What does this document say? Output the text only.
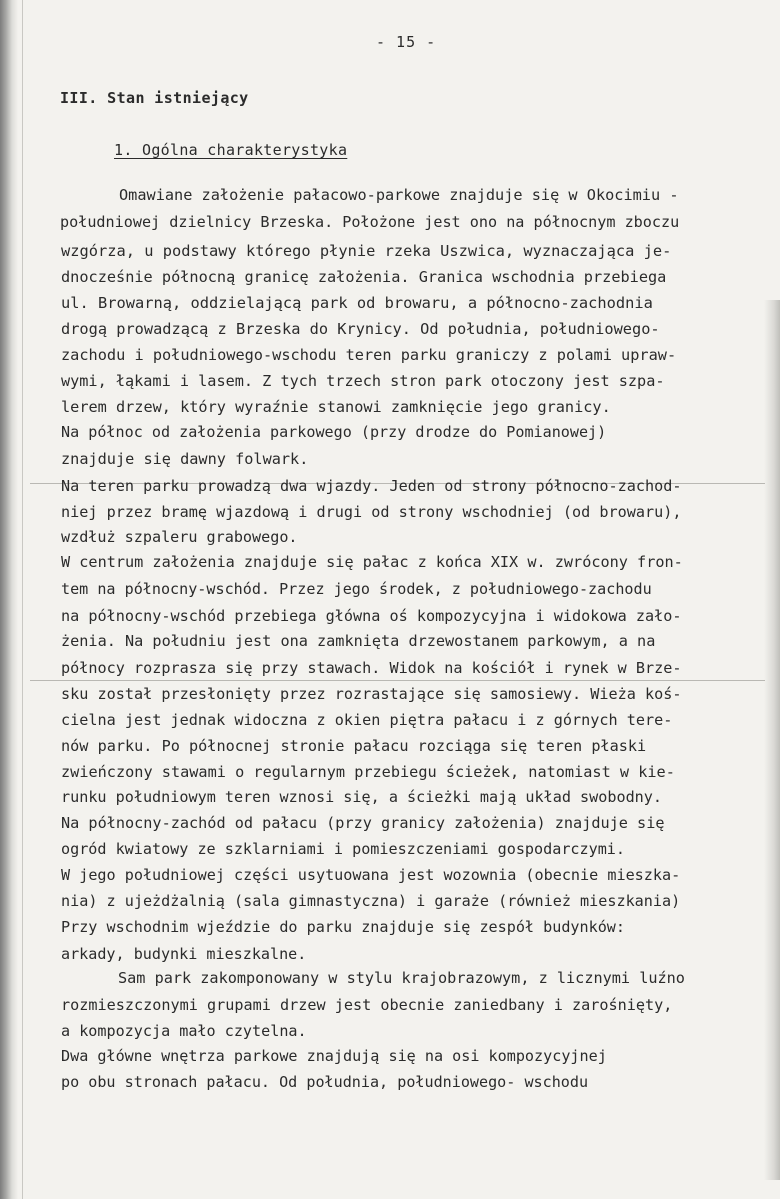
- 15 -
III. Stan istniejący
1. Ogólna charakterystyka
Omawiane założenie pałacowo-parkowe znajduje się w Okocimiu -
południowej dzielnicy Brzeska. Położone jest ono na północnym zboczu
wzgórza, u podstawy którego płynie rzeka Uszwica, wyznaczająca je-
dnocześnie północną granicę założenia. Granica wschodnia przebiega
ul. Browarną, oddzielającą park od browaru, a północno-zachodnia
drogą prowadzącą z Brzeska do Krynicy. Od południa, południowego-
zachodu i południowego-wschodu teren parku graniczy z polami upraw-
wymi, łąkami i lasem. Z tych trzech stron park otoczony jest szpa-
lerem drzew, który wyraźnie stanowi zamknięcie jego granicy.
Na północ od założenia parkowego (przy drodze do Pomianowej)
znajduje się dawny folwark.
Na teren parku prowadzą dwa wjazdy. Jeden od strony północno-zachod-
niej przez bramę wjazdową i drugi od strony wschodniej (od browaru),
wzdłuż szpaleru grabowego.
W centrum założenia znajduje się pałac z końca XIX w. zwrócony fron-
tem na północny-wschód. Przez jego środek, z południowego-zachodu
na północny-wschód przebiega główna oś kompozycyjna i widokowa zało-
żenia. Na południu jest ona zamknięta drzewostanem parkowym, a na
północy rozprasza się przy stawach. Widok na kościół i rynek w Brze-
sku został przesłonięty przez rozrastające się samosiewy. Wieża koś-
cielna jest jednak widoczna z okien piętra pałacu i z górnych tere-
nów parku. Po północnej stronie pałacu rozciąga się teren płaski
zwieńczony stawami o regularnym przebiegu ścieżek, natomiast w kie-
runku południowym teren wznosi się, a ścieżki mają układ swobodny.
Na północny-zachód od pałacu (przy granicy założenia) znajduje się
ogród kwiatowy ze szklarniami i pomieszczeniami gospodarczymi.
W jego południowej części usytuowana jest wozownia (obecnie mieszka-
nia) z ujeżdżalnią (sala gimnastyczna) i garaże (również mieszkania)
Przy wschodnim wjeździe do parku znajduje się zespół budynków:
arkady, budynki mieszkalne.
Sam park zakomponowany w stylu krajobrazowym, z licznymi luźno
rozmieszczonymi grupami drzew jest obecnie zaniedbany i zarośnięty,
a kompozycja mało czytelna.
Dwa główne wnętrza parkowe znajdują się na osi kompozycyjnej
po obu stronach pałacu. Od południa, południowego- wschodu
